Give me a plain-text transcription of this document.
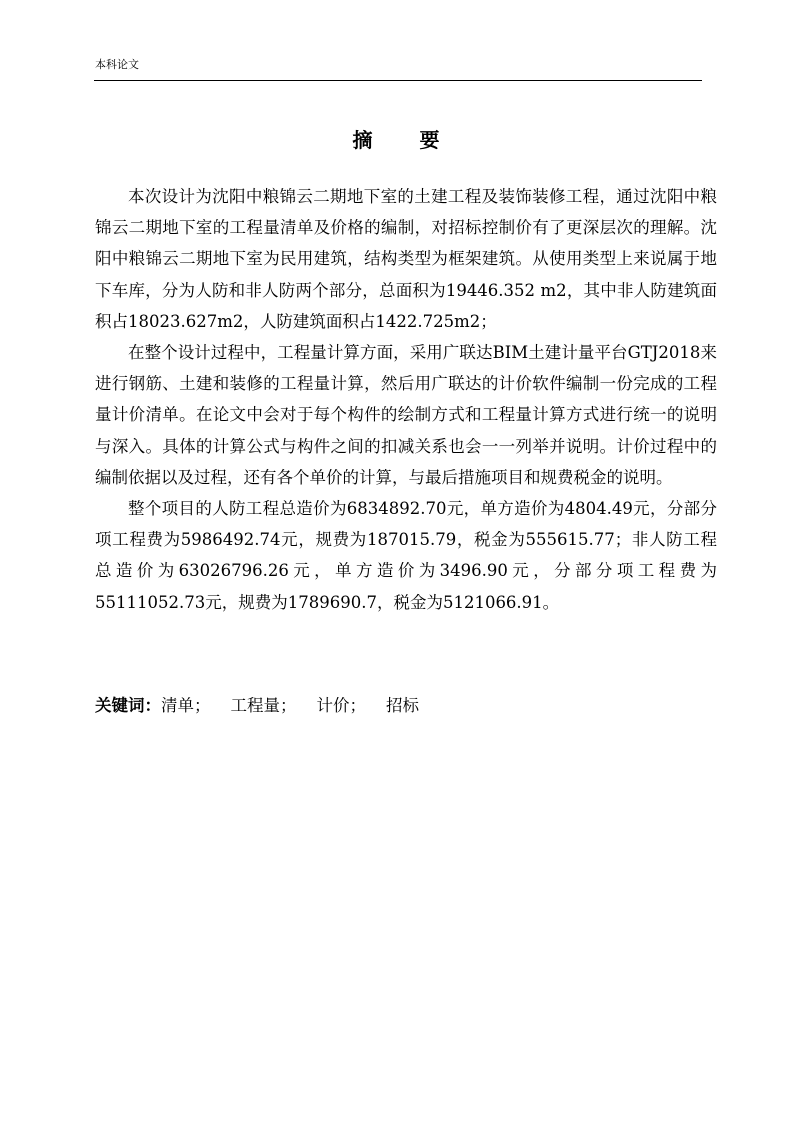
本科论文
摘 要

本次设计为沈阳中粮锦云二期地下室的土建工程及装饰装修工程，通过沈阳中粮锦云二期地下室的工程量清单及价格的编制，对招标控制价有了更深层次的理解。沈阳中粮锦云二期地下室为民用建筑，结构类型为框架建筑。从使用类型上来说属于地下车库，分为人防和非人防两个部分，总面积为19446.352 m2，其中非人防建筑面积占18023.627m2，人防建筑面积占1422.725m2；

在整个设计过程中，工程量计算方面，采用广联达BIM土建计量平台GTJ2018来进行钢筋、土建和装修的工程量计算，然后用广联达的计价软件编制一份完成的工程量计价清单。在论文中会对于每个构件的绘制方式和工程量计算方式进行统一的说明与深入。具体的计算公式与构件之间的扣减关系也会一一列举并说明。计价过程中的编制依据以及过程，还有各个单价的计算，与最后措施项目和规费税金的说明。

整个项目的人防工程总造价为6834892.70元，单方造价为4804.49元，分部分项工程费为5986492.74元，规费为187015.79，税金为555615.77；非人防工程总造价为63026796.26元，单方造价为3496.90元，分部分项工程费为55111052.73元，规费为1789690.7，税金为5121066.91。

关键词：清单； 工程量； 计价； 招标
